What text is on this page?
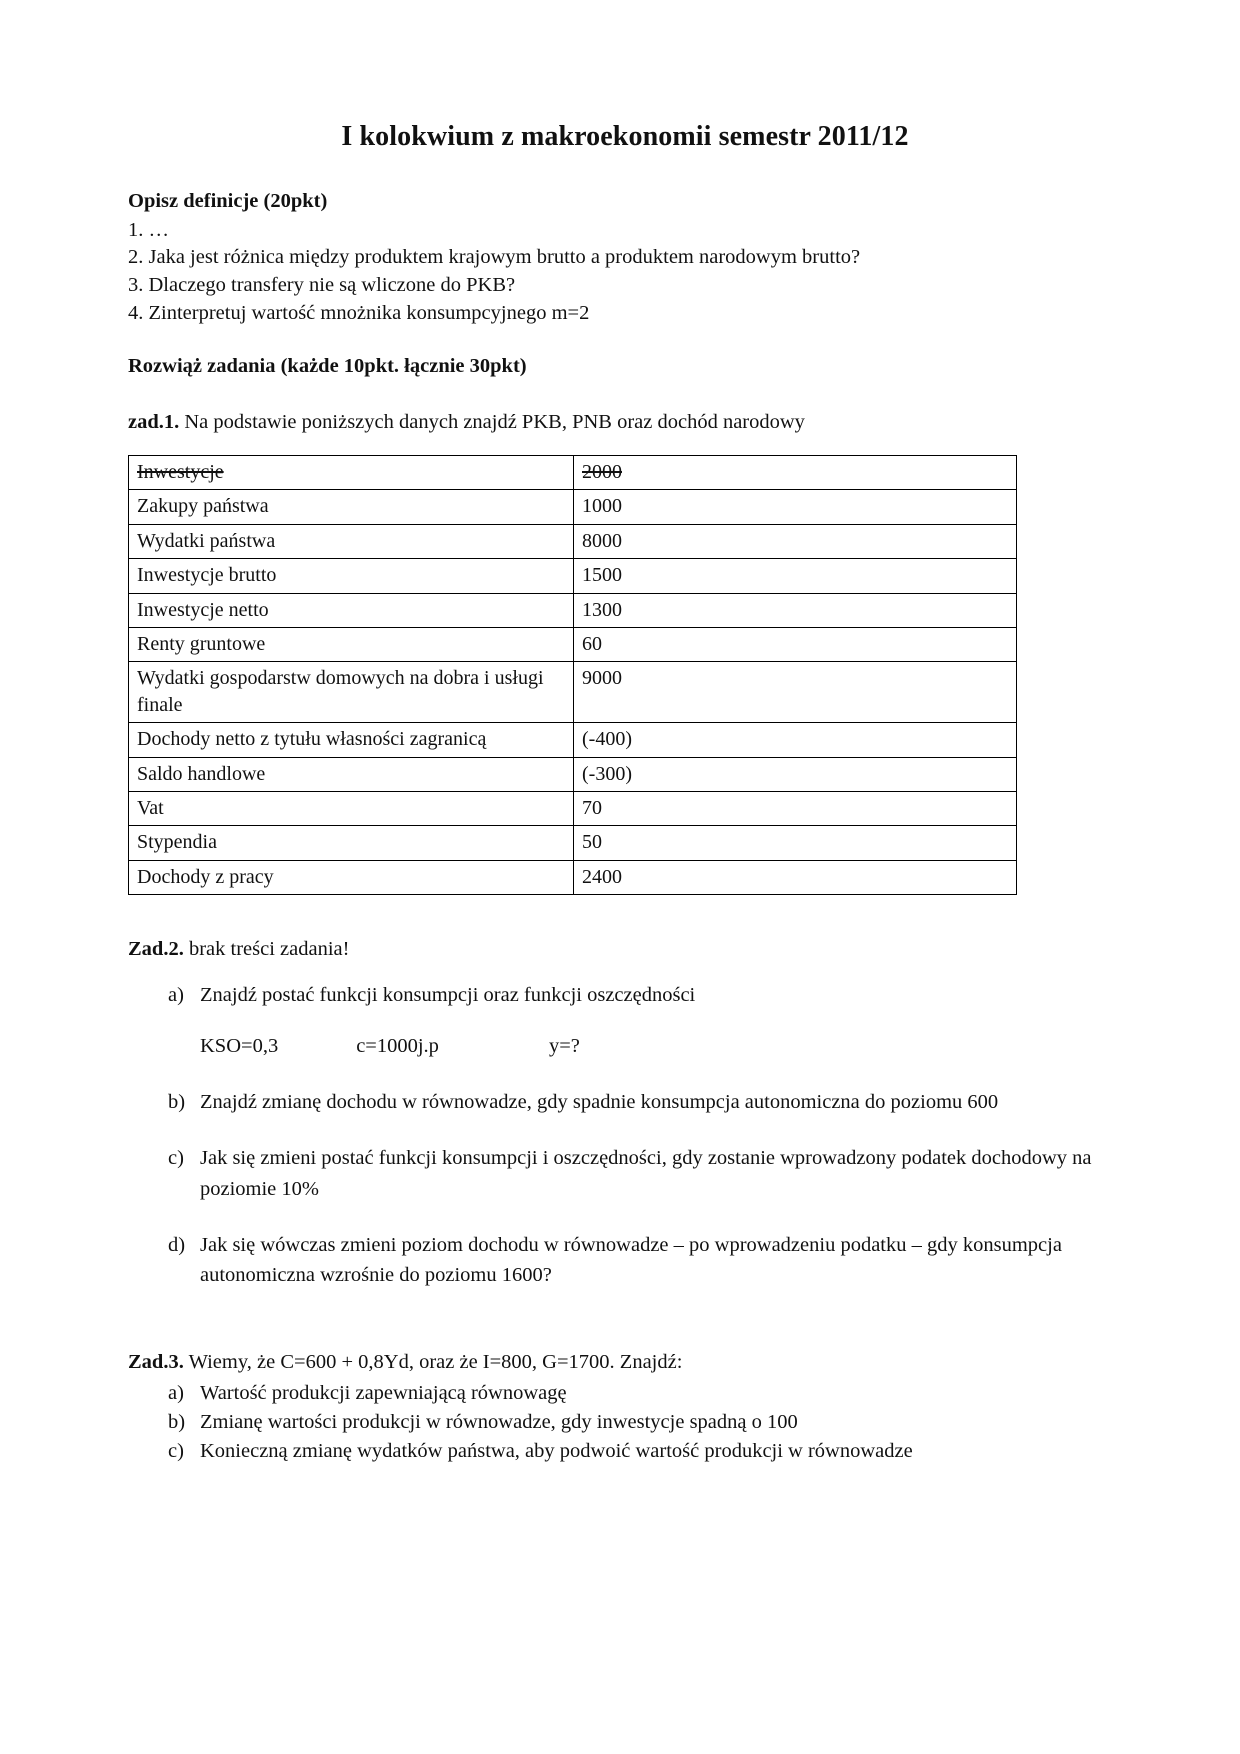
I kolokwium z makroekonomii semestr 2011/12
Opisz definicje (20pkt)

1. …

2. Jaka jest różnica między produktem krajowym brutto a produktem narodowym brutto?

3. Dlaczego transfery nie są wliczone do PKB?

4. Zinterpretuj wartość mnożnika konsumpcyjnego m=2

Rozwiąż zadania (każde 10pkt. łącznie 30pkt)

zad.1. Na podstawie poniższych danych znajdź PKB, PNB oraz dochód narodowy

Inwestycje	2000
Zakupy państwa	1000
Wydatki państwa	8000
Inwestycje brutto	1500
Inwestycje netto	1300
Renty gruntowe	60
Wydatki gospodarstw domowych na dobra i usługi finale	9000
Dochody netto z tytułu własności zagranicą	(-400)
Saldo handlowe	(-300)
Vat	70
Stypendia	50
Dochody z pracy	2400

Zad.2. brak treści zadania!

a) Znajdź postać funkcji konsumpcji oraz funkcji oszczędności

KSO=0,3	c=1000j.p	y=?

b) Znajdź zmianę dochodu w równowadze, gdy spadnie konsumpcja autonomiczna do poziomu 600
c) Jak się zmieni postać funkcji konsumpcji i oszczędności, gdy zostanie wprowadzony podatek dochodowy na poziomie 10%
d) Jak się wówczas zmieni poziom dochodu w równowadze – po wprowadzeniu podatku – gdy konsumpcja autonomiczna wzrośnie do poziomu 1600?

Zad.3. Wiemy, że C=600 + 0,8Yd, oraz że I=800, G=1700. Znajdź:

a) Wartość produkcji zapewniającą równowagę
b) Zmianę wartości produkcji w równowadze, gdy inwestycje spadną o 100
c) Konieczną zmianę wydatków państwa, aby podwoić wartość produkcji w równowadze
